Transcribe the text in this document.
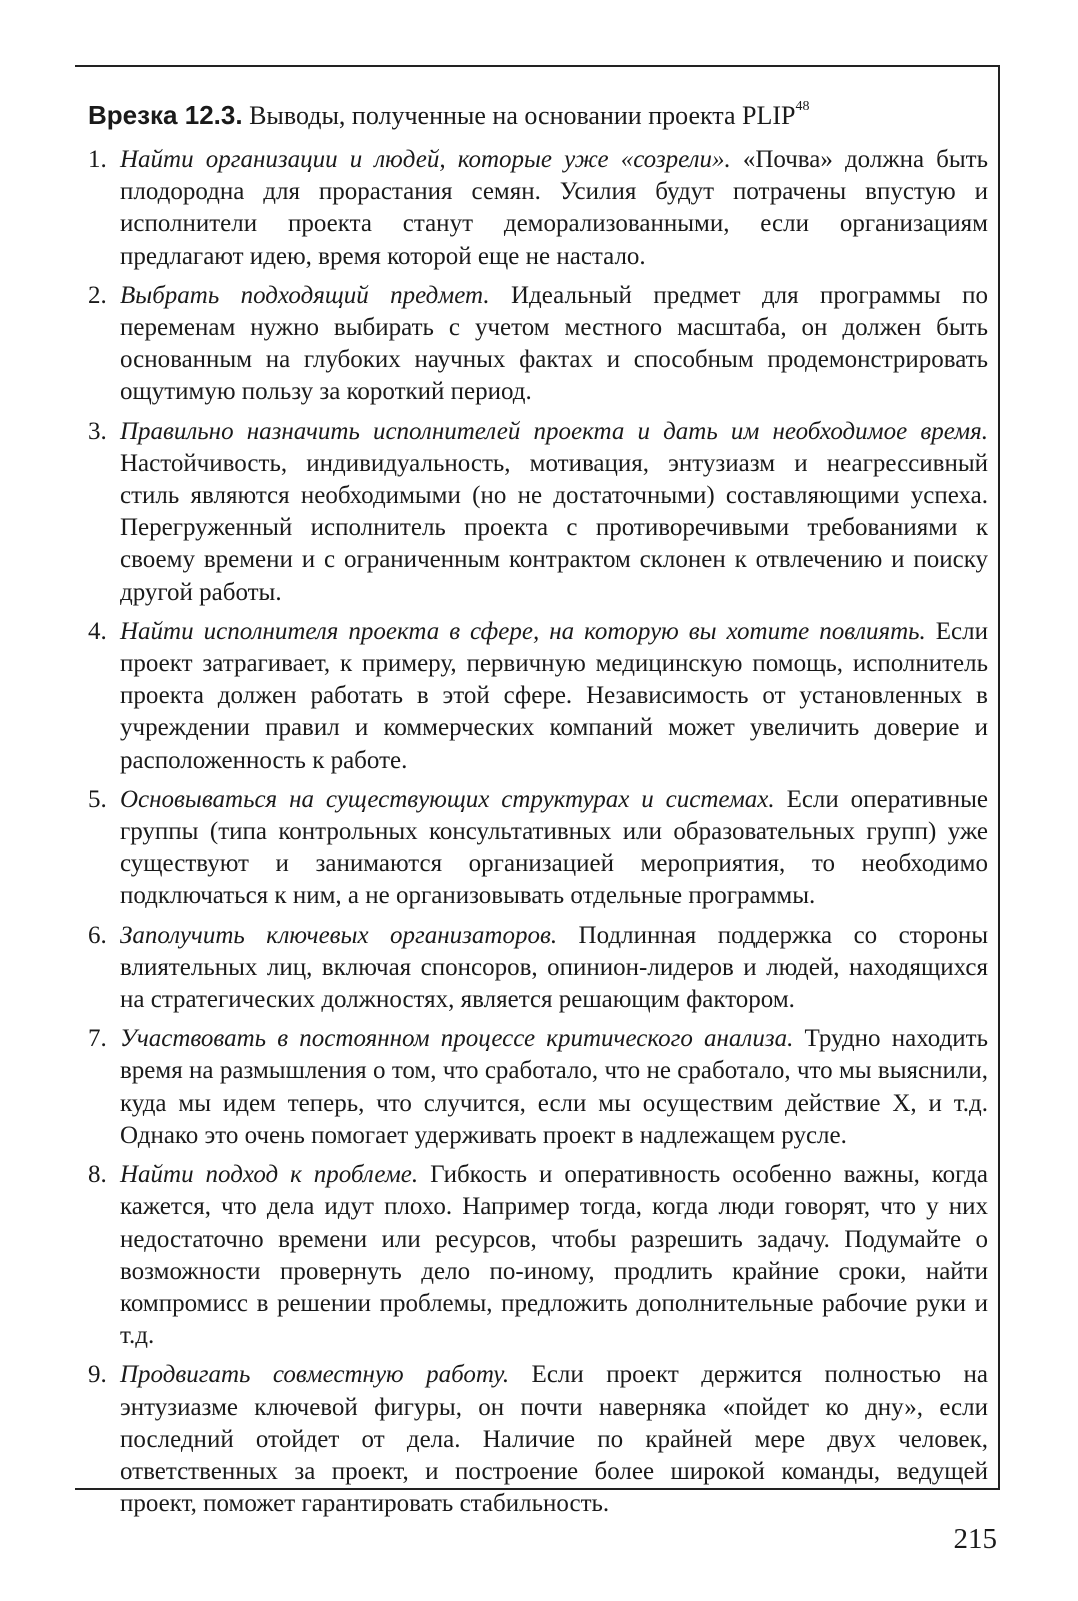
Врезка 12.3. Выводы, полученные на основании проекта PLIP$^{48}$
1. Найти организации и людей, которые уже «созрели». «Почва» должна быть плодородна для прорастания семян. Усилия будут потрачены впустую и исполнители проекта станут деморализованными, если организациям предлагают идею, время которой еще не настало.
2. Выбрать подходящий предмет. Идеальный предмет для программы по переменам нужно выбирать с учетом местного масштаба, он должен быть основанным на глубоких научных фактах и способным продемонстрировать ощутимую пользу за короткий период.
3. Правильно назначить исполнителей проекта и дать им необходимое время. Настойчивость, индивидуальность, мотивация, энтузиазм и неагрессивный стиль являются необходимыми (но не достаточными) составляющими успеха. Перегруженный исполнитель проекта с противоречивыми требованиями к своему времени и с ограниченным контрактом склонен к отвлечению и поиску другой работы.
4. Найти исполнителя проекта в сфере, на которую вы хотите повлиять. Если проект затрагивает, к примеру, первичную медицинскую помощь, исполнитель проекта должен работать в этой сфере. Независимость от установленных в учреждении правил и коммерческих компаний может увеличить доверие и расположенность к работе.
5. Основываться на существующих структурах и системах. Если оперативные группы (типа контрольных консультативных или образовательных групп) уже существуют и занимаются организацией мероприятия, то необходимо подключаться к ним, а не организовывать отдельные программы.
6. Заполучить ключевых организаторов. Подлинная поддержка со стороны влиятельных лиц, включая спонсоров, опинион-лидеров и людей, находящихся на стратегических должностях, является решающим фактором.
7. Участвовать в постоянном процессе критического анализа. Трудно находить время на размышления о том, что сработало, что не сработало, что мы выяснили, куда мы идем теперь, что случится, если мы осуществим действие X, и т.д. Однако это очень помогает удерживать проект в надлежащем русле.
8. Найти подход к проблеме. Гибкость и оперативность особенно важны, когда кажется, что дела идут плохо. Например тогда, когда люди говорят, что у них недостаточно времени или ресурсов, чтобы разрешить задачу. Подумайте о возможности провернуть дело по-иному, продлить крайние сроки, найти компромисс в решении проблемы, предложить дополнительные рабочие руки и т.д.
9. Продвигать совместную работу. Если проект держится полностью на энтузиазме ключевой фигуры, он почти наверняка «пойдет ко дну», если последний отойдет от дела. Наличие по крайней мере двух человек, ответственных за проект, и построение более широкой команды, ведущей проект, поможет гарантировать стабильность.
215
